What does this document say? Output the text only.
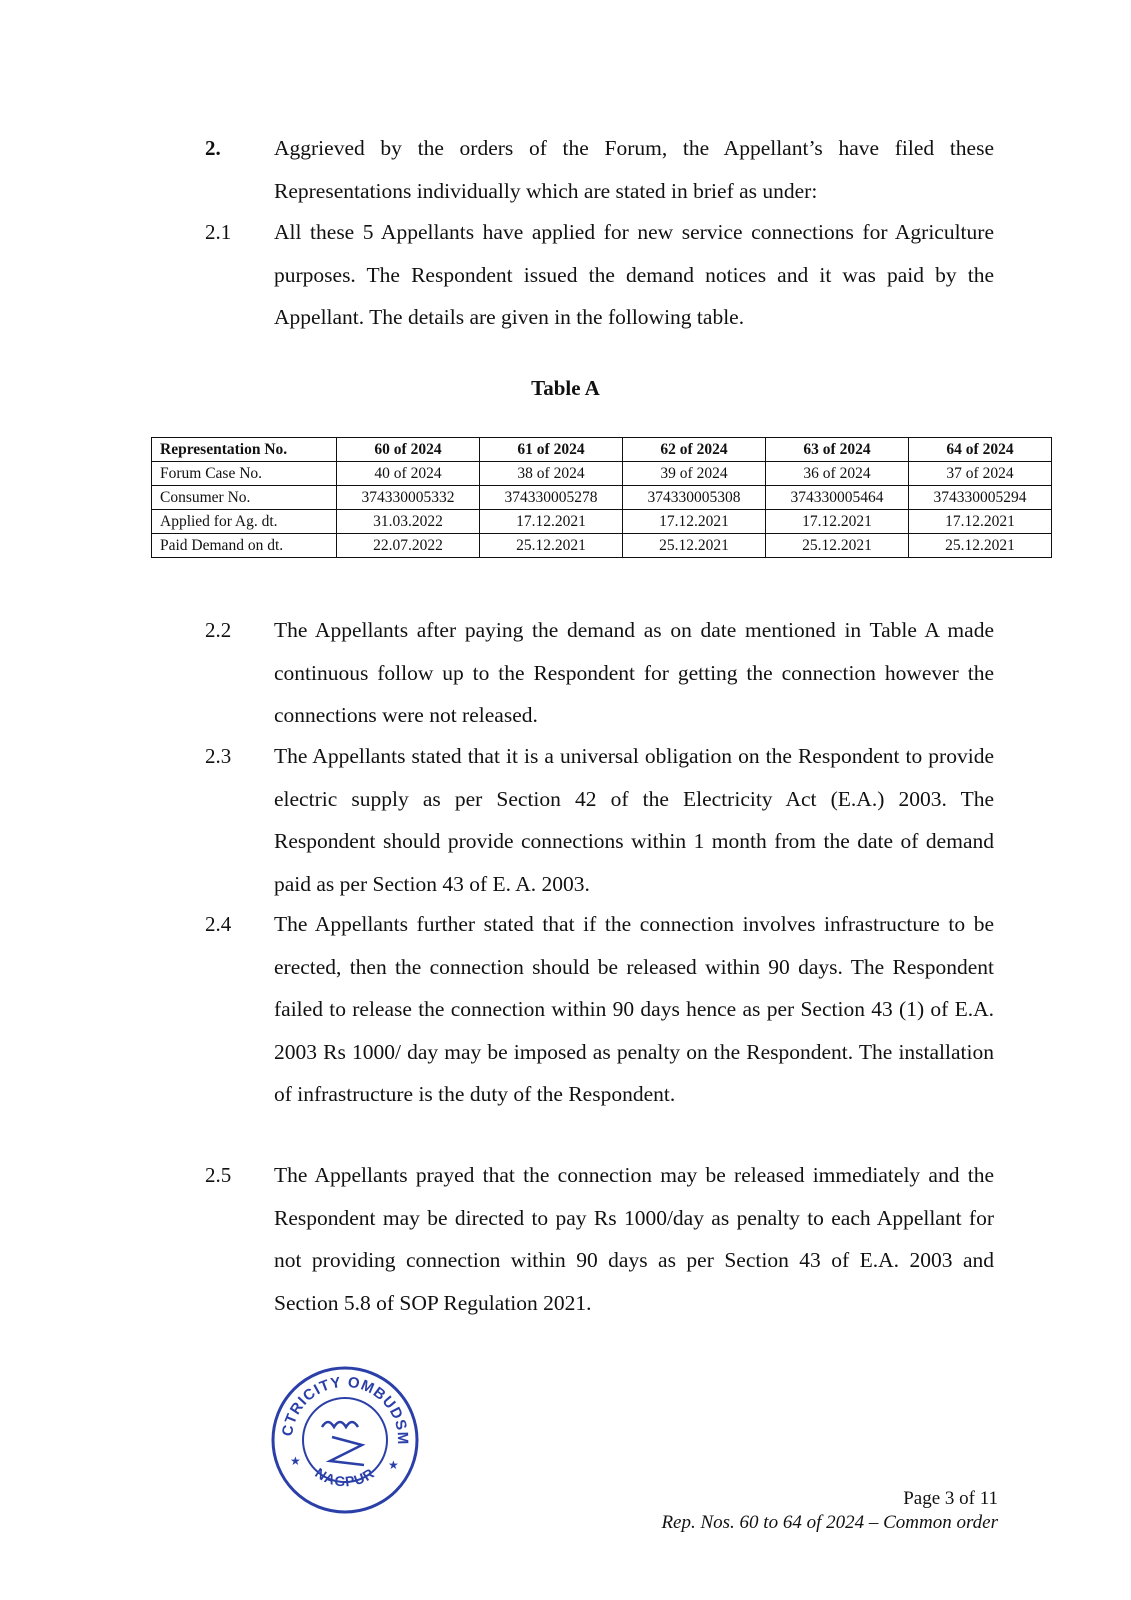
2. Aggrieved by the orders of the Forum, the Appellant’s have filed these Representations individually which are stated in brief as under:

2.1 All these 5 Appellants have applied for new service connections for Agriculture purposes. The Respondent issued the demand notices and it was paid by the Appellant. The details are given in the following table.

Table A
Representation No.	60 of 2024	61 of 2024	62 of 2024	63 of 2024	64 of 2024
Forum Case No.	40 of 2024	38 of 2024	39 of 2024	36 of 2024	37 of 2024
Consumer No.	374330005332	374330005278	374330005308	374330005464	374330005294
Applied for Ag. dt.	31.03.2022	17.12.2021	17.12.2021	17.12.2021	17.12.2021
Paid Demand on dt.	22.07.2022	25.12.2021	25.12.2021	25.12.2021	25.12.2021
2.2 The Appellants after paying the demand as on date mentioned in Table A made continuous follow up to the Respondent for getting the connection however the connections were not released.

2.3 The Appellants stated that it is a universal obligation on the Respondent to provide electric supply as per Section 42 of the Electricity Act (E.A.) 2003. The Respondent should provide connections within 1 month from the date of demand paid as per Section 43 of E. A. 2003.

2.4 The Appellants further stated that if the connection involves infrastructure to be erected, then the connection should be released within 90 days. The Respondent failed to release the connection within 90 days hence as per Section 43 (1) of E.A. 2003 Rs 1000/ day may be imposed as penalty on the Respondent. The installation of infrastructure is the duty of the Respondent.

2.5 The Appellants prayed that the connection may be released immediately and the Respondent may be directed to pay Rs 1000/day as penalty to each Appellant for not providing connection within 90 days as per Section 43 of E.A. 2003 and Section 5.8 of SOP Regulation 2021.

CTRICITY OMBUDSM
NAGPUR
★	★
Page 3 of 11
Rep. Nos. 60 to 64 of 2024 – Common order
